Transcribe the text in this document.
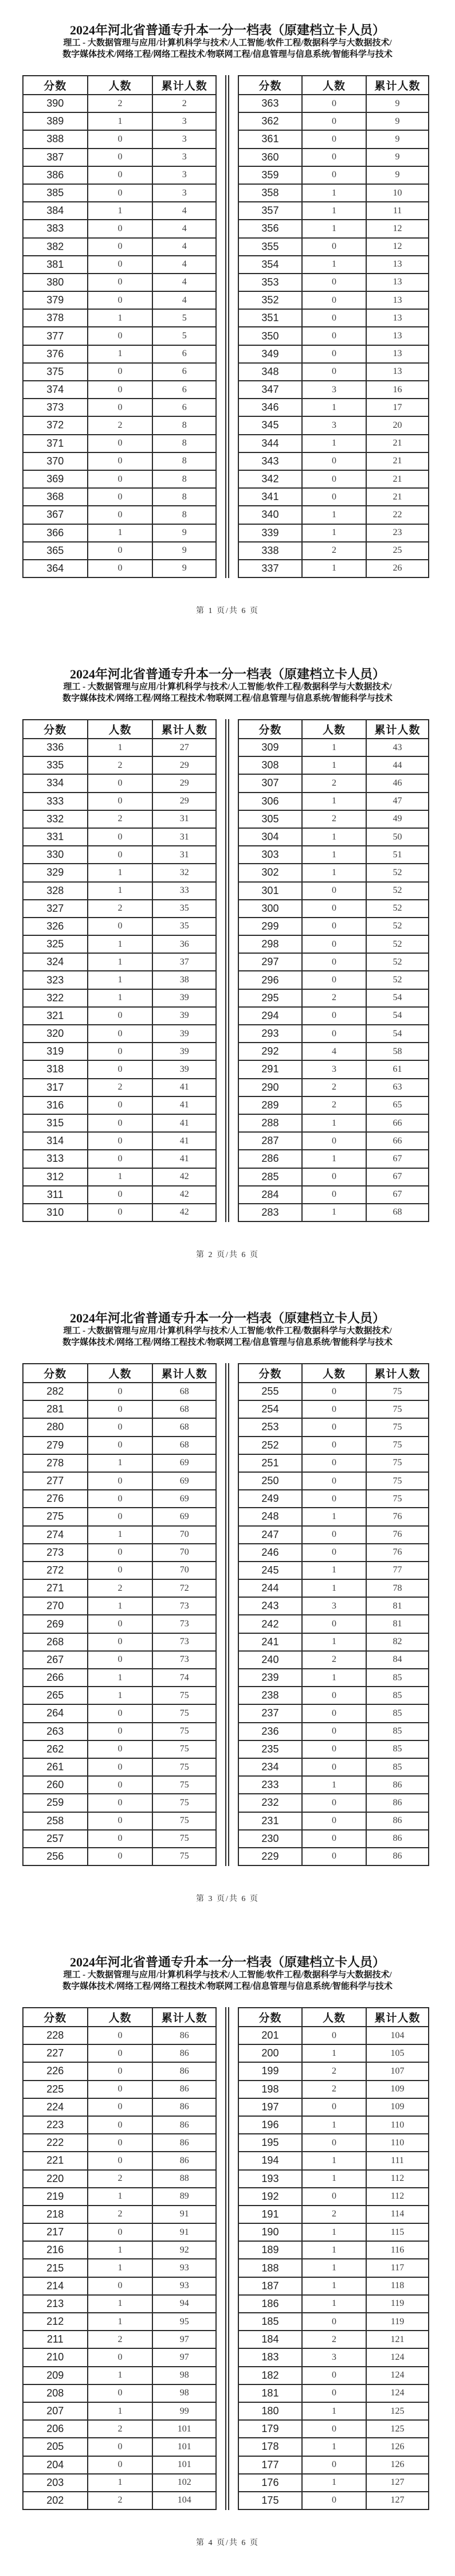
2024年河北省普通专升本一分一档表（原建档立卡人员）
理工 - 大数据管理与应用/计算机科学与技术/人工智能/软件工程/数据科学与大数据技术/
数字媒体技术/网络工程/网络工程技术/物联网工程/信息管理与信息系统/智能科学与技术
分数	人数	累计人数
390	2	2
389	1	3
388	0	3
387	0	3
386	0	3
385	0	3
384	1	4
383	0	4
382	0	4
381	0	4
380	0	4
379	0	4
378	1	5
377	0	5
376	1	6
375	0	6
374	0	6
373	0	6
372	2	8
371	0	8
370	0	8
369	0	8
368	0	8
367	0	8
366	1	9
365	0	9
364	0	9
分数	人数	累计人数
363	0	9
362	0	9
361	0	9
360	0	9
359	0	9
358	1	10
357	1	11
356	1	12
355	0	12
354	1	13
353	0	13
352	0	13
351	0	13
350	0	13
349	0	13
348	0	13
347	3	16
346	1	17
345	3	20
344	1	21
343	0	21
342	0	21
341	0	21
340	1	22
339	1	23
338	2	25
337	1	26
第 1 页/共 6 页
2024年河北省普通专升本一分一档表（原建档立卡人员）
理工 - 大数据管理与应用/计算机科学与技术/人工智能/软件工程/数据科学与大数据技术/
数字媒体技术/网络工程/网络工程技术/物联网工程/信息管理与信息系统/智能科学与技术
分数	人数	累计人数
336	1	27
335	2	29
334	0	29
333	0	29
332	2	31
331	0	31
330	0	31
329	1	32
328	1	33
327	2	35
326	0	35
325	1	36
324	1	37
323	1	38
322	1	39
321	0	39
320	0	39
319	0	39
318	0	39
317	2	41
316	0	41
315	0	41
314	0	41
313	0	41
312	1	42
311	0	42
310	0	42
分数	人数	累计人数
309	1	43
308	1	44
307	2	46
306	1	47
305	2	49
304	1	50
303	1	51
302	1	52
301	0	52
300	0	52
299	0	52
298	0	52
297	0	52
296	0	52
295	2	54
294	0	54
293	0	54
292	4	58
291	3	61
290	2	63
289	2	65
288	1	66
287	0	66
286	1	67
285	0	67
284	0	67
283	1	68
第 2 页/共 6 页
2024年河北省普通专升本一分一档表（原建档立卡人员）
理工 - 大数据管理与应用/计算机科学与技术/人工智能/软件工程/数据科学与大数据技术/
数字媒体技术/网络工程/网络工程技术/物联网工程/信息管理与信息系统/智能科学与技术
分数	人数	累计人数
282	0	68
281	0	68
280	0	68
279	0	68
278	1	69
277	0	69
276	0	69
275	0	69
274	1	70
273	0	70
272	0	70
271	2	72
270	1	73
269	0	73
268	0	73
267	0	73
266	1	74
265	1	75
264	0	75
263	0	75
262	0	75
261	0	75
260	0	75
259	0	75
258	0	75
257	0	75
256	0	75
分数	人数	累计人数
255	0	75
254	0	75
253	0	75
252	0	75
251	0	75
250	0	75
249	0	75
248	1	76
247	0	76
246	0	76
245	1	77
244	1	78
243	3	81
242	0	81
241	1	82
240	2	84
239	1	85
238	0	85
237	0	85
236	0	85
235	0	85
234	0	85
233	1	86
232	0	86
231	0	86
230	0	86
229	0	86
第 3 页/共 6 页
2024年河北省普通专升本一分一档表（原建档立卡人员）
理工 - 大数据管理与应用/计算机科学与技术/人工智能/软件工程/数据科学与大数据技术/
数字媒体技术/网络工程/网络工程技术/物联网工程/信息管理与信息系统/智能科学与技术
分数	人数	累计人数
228	0	86
227	0	86
226	0	86
225	0	86
224	0	86
223	0	86
222	0	86
221	0	86
220	2	88
219	1	89
218	2	91
217	0	91
216	1	92
215	1	93
214	0	93
213	1	94
212	1	95
211	2	97
210	0	97
209	1	98
208	0	98
207	1	99
206	2	101
205	0	101
204	0	101
203	1	102
202	2	104
分数	人数	累计人数
201	0	104
200	1	105
199	2	107
198	2	109
197	0	109
196	1	110
195	0	110
194	1	111
193	1	112
192	0	112
191	2	114
190	1	115
189	1	116
188	1	117
187	1	118
186	1	119
185	0	119
184	2	121
183	3	124
182	0	124
181	0	124
180	1	125
179	0	125
178	1	126
177	0	126
176	1	127
175	0	127
第 4 页/共 6 页
